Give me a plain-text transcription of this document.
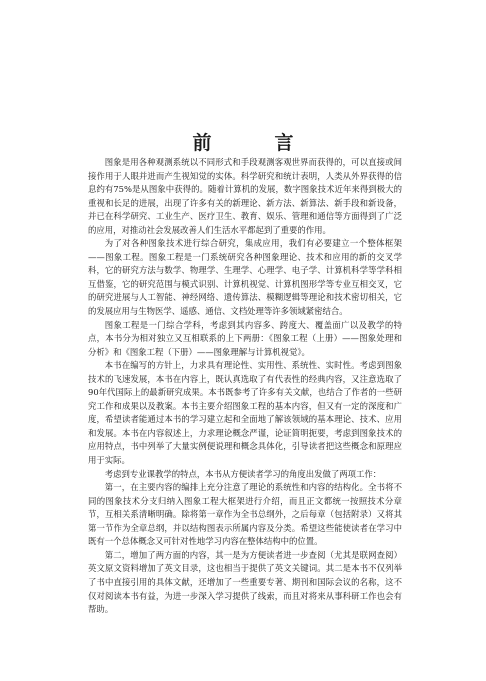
前　言

图象是用各种观测系统以不同形式和手段观测客观世界而获得的，可以直接或间接作用于人眼并进而产生视知觉的实体。科学研究和统计表明，人类从外界获得的信息约有75%是从图象中获得的。随着计算机的发展，数字图象技术近年来得到极大的重视和长足的进展，出现了许多有关的新理论、新方法、新算法、新手段和新设备，并已在科学研究、工业生产、医疗卫生、教育、娱乐、管理和通信等方面得到了广泛的应用，对推动社会发展改善人们生活水平都起到了重要的作用。

为了对各种图象技术进行综合研究，集成应用，我们有必要建立一个整体框架——图象工程。图象工程是一门系统研究各种图象理论、技术和应用的新的交叉学科，它的研究方法与数学、物理学、生理学、心理学、电子学、计算机科学等学科相互借鉴，它的研究范围与模式识别、计算机视觉、计算机图形学等专业互相交叉，它的研究进展与人工智能、神经网络、遗传算法、模糊逻辑等理论和技术密切相关，它的发展应用与生物医学、遥感、通信、文档处理等许多领域紧密结合。

图象工程是一门综合学科，考虑到其内容多、跨度大、覆盖面广以及教学的特点，本书分为相对独立又互相联系的上下两册：《图象工程（上册）——图象处理和分析》和《图象工程（下册）——图象理解与计算机视觉》。

本书在编写的方针上，力求具有理论性、实用性、系统性、实时性。考虑到图象技术的飞速发展，本书在内容上，既认真选取了有代表性的经典内容，又注意选取了90年代国际上的最新研究成果。本书既参考了许多有关文献，也结合了作者的一些研究工作和成果以及教案。本书主要介绍图象工程的基本内容，但又有一定的深度和广度，希望读者能通过本书的学习建立起和全面地了解该领域的基本理论、技术、应用和发展。本书在内容叙述上，力求理论概念严谨，论证简明扼要，考虑到图象技术的应用特点，书中列举了大量实例便说理和概念具体化，引导读者把这些概念和原理应用于实际。

考虑到专业课教学的特点，本书从方便读者学习的角度出发做了两项工作：

第一，在主要内容的编排上充分注意了理论的系统性和内容的结构化。全书将不同的图象技术分支归纳入图象工程大框架进行介绍，而且正文都统一按照技术分章节，互相关系清晰明确。除将第一章作为全书总纲外，之后每章（包括附录）又将其第一节作为全章总纲，并以结构图表示所属内容及分类。希望这些能使读者在学习中既有一个总体概念又可针对性地学习内容在整体结构中的位置。

第二，增加了两方面的内容，其一是为方便读者进一步查阅（尤其是联网查阅）英文原文资料增加了英文目录，这也相当于提供了英文关键词。其二是本书不仅列举了书中直接引用的具体文献，还增加了一些重要专著、期刊和国际会议的名称，这不仅对阅读本书有益，为进一步深入学习提供了线索，而且对将来从事科研工作也会有帮助。
